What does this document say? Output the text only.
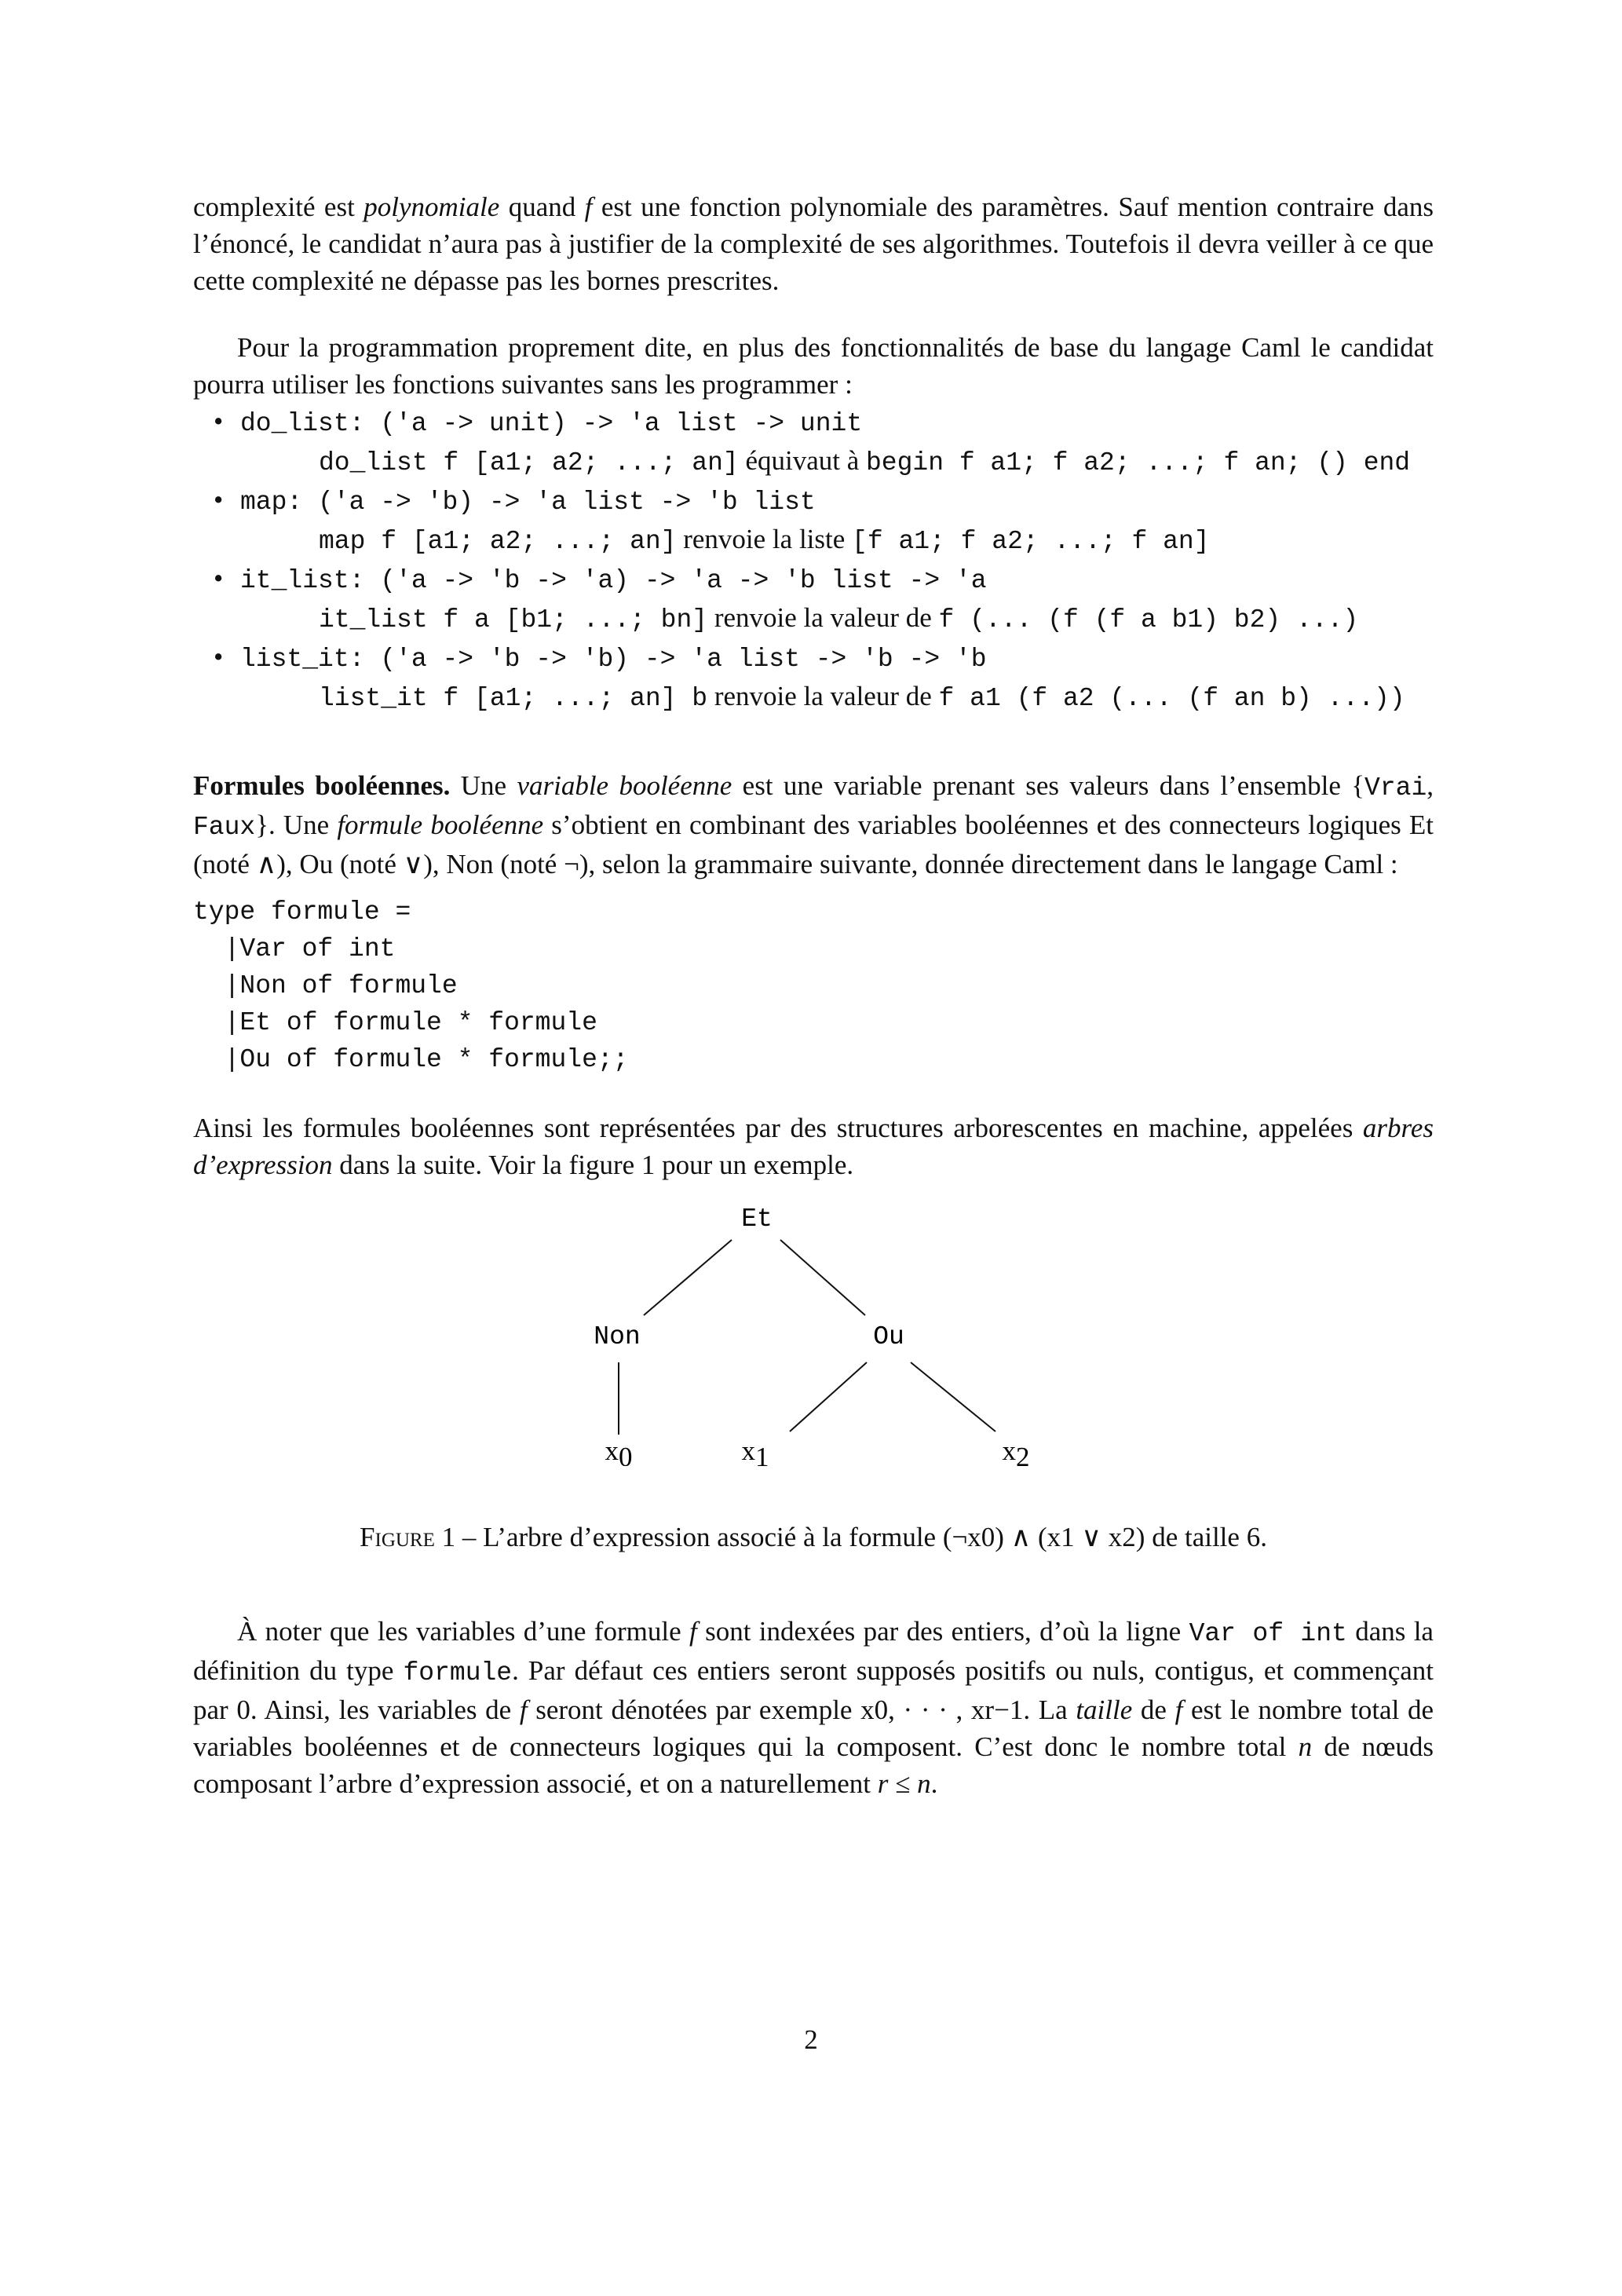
complexité est polynomiale quand f est une fonction polynomiale des paramètres. Sauf mention contraire dans l’énoncé, le candidat n’aura pas à justifier de la complexité de ses algorithmes. Toutefois il devra veiller à ce que cette complexité ne dépasse pas les bornes prescrites.

Pour la programmation proprement dite, en plus des fonctionnalités de base du langage Caml le candidat pourra utiliser les fonctions suivantes sans les programmer :

• do_list: ('a -> unit) -> 'a list -> unit
do_list f [a1; a2; ...; an] équivaut à begin f a1; f a2; ...; f an; () end
• map: ('a -> 'b) -> 'a list -> 'b list
map f [a1; a2; ...; an] renvoie la liste [f a1; f a2; ...; f an]
• it_list: ('a -> 'b -> 'a) -> 'a -> 'b list -> 'a
it_list f a [b1; ...; bn] renvoie la valeur de f (... (f (f a b1) b2) ...)
• list_it: ('a -> 'b -> 'b) -> 'a list -> 'b -> 'b
list_it f [a1; ...; an] b renvoie la valeur de f a1 (f a2 (... (f an b) ...))

Formules booléennes. Une variable booléenne est une variable prenant ses valeurs dans l’ensemble {Vrai, Faux}. Une formule booléenne s’obtient en combinant des variables booléennes et des connecteurs logiques Et (noté ∧), Ou (noté ∨), Non (noté ¬), selon la grammaire suivante, donnée directement dans le langage Caml :

type formule =
|Var of int
|Non of formule
|Et of formule * formule
|Ou of formule * formule;;

Ainsi les formules booléennes sont représentées par des structures arborescentes en machine, appelées arbres d’expression dans la suite. Voir la figure 1 pour un exemple.

Et
Non	Ou
x0	x1	x2

Figure 1 – L’arbre d’expression associé à la formule (¬x0) ∧ (x1 ∨ x2) de taille 6.

À noter que les variables d’une formule f sont indexées par des entiers, d’où la ligne Var of int dans la définition du type formule. Par défaut ces entiers seront supposés positifs ou nuls, contigus, et commençant par 0. Ainsi, les variables de f seront dénotées par exemple x0, · · · , xr−1. La taille de f est le nombre total de variables booléennes et de connecteurs logiques qui la composent. C’est donc le nombre total n de nœuds composant l’arbre d’expression associé, et on a naturellement r ≤ n.

2
